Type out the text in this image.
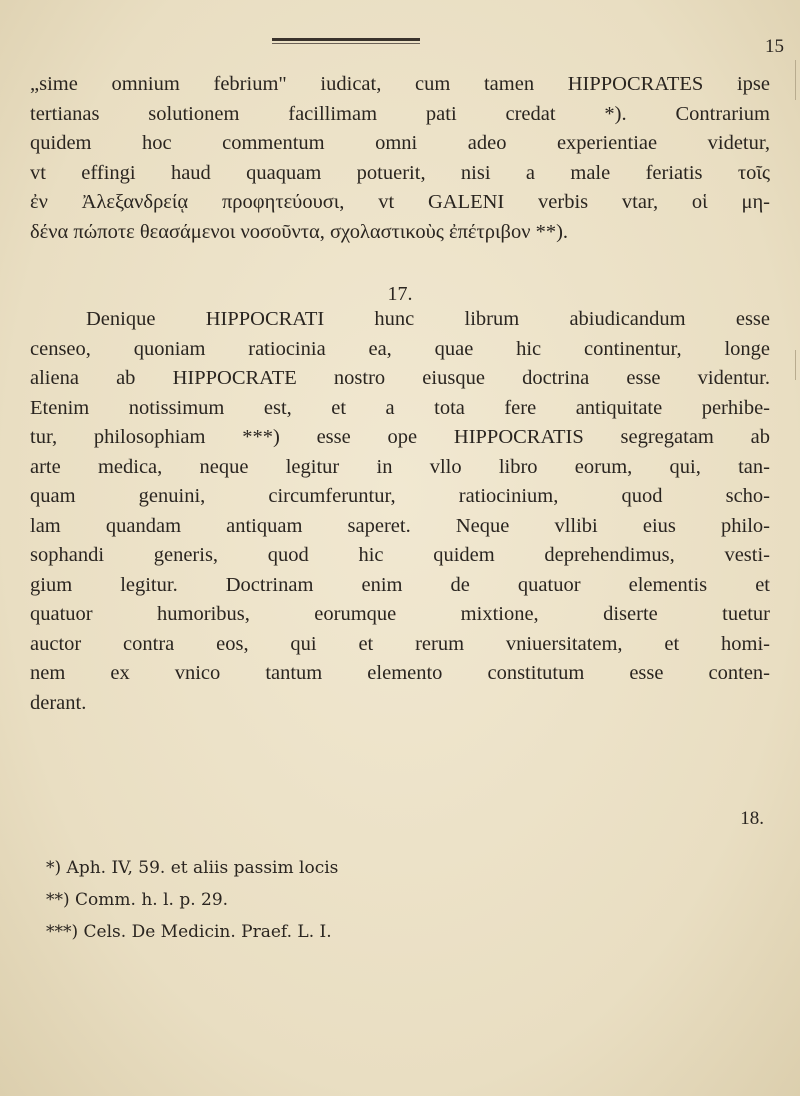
15
„sime omnium febrium" iudicat, cum tamen HIPPOCRATES ipse
tertianas solutionem facillimam pati credat *). Contrarium
quidem hoc commentum omni adeo experientiae videtur,
vt effingi haud quaquam potuerit, nisi a male feriatis τοῖς
ἐν Ἀλεξανδρείᾳ προφητεύουσι, vt GALENI verbis vtar, οἱ μη-
δένα πώποτε θεασάμενοι νοσοῦντα, σχολαστικοὺς ἐπέτριβον **).
17.
Denique HIPPOCRATI hunc librum abiudicandum esse
censeo, quoniam ratiocinia ea, quae hic continentur, longe
aliena ab HIPPOCRATE nostro eiusque doctrina esse videntur.
Etenim notissimum est, et a tota fere antiquitate perhibe-
tur, philosophiam ***) esse ope HIPPOCRATIS segregatam ab
arte medica, neque legitur in vllo libro eorum, qui, tan-
quam genuini, circumferuntur, ratiocinium, quod scho-
lam quandam antiquam saperet. Neque vllibi eius philo-
sophandi generis, quod hic quidem deprehendimus, vesti-
gium legitur. Doctrinam enim de quatuor elementis et
quatuor humoribus, eorumque mixtione, diserte tuetur
auctor contra eos, qui et rerum vniuersitatem, et homi-
nem ex vnico tantum elemento constitutum esse conten-
derant.
18.
*) Aph. IV, 59. et aliis passim locis
**) Comm. h. l. p. 29.
***) Cels. De Medicin. Praef. L. I.
